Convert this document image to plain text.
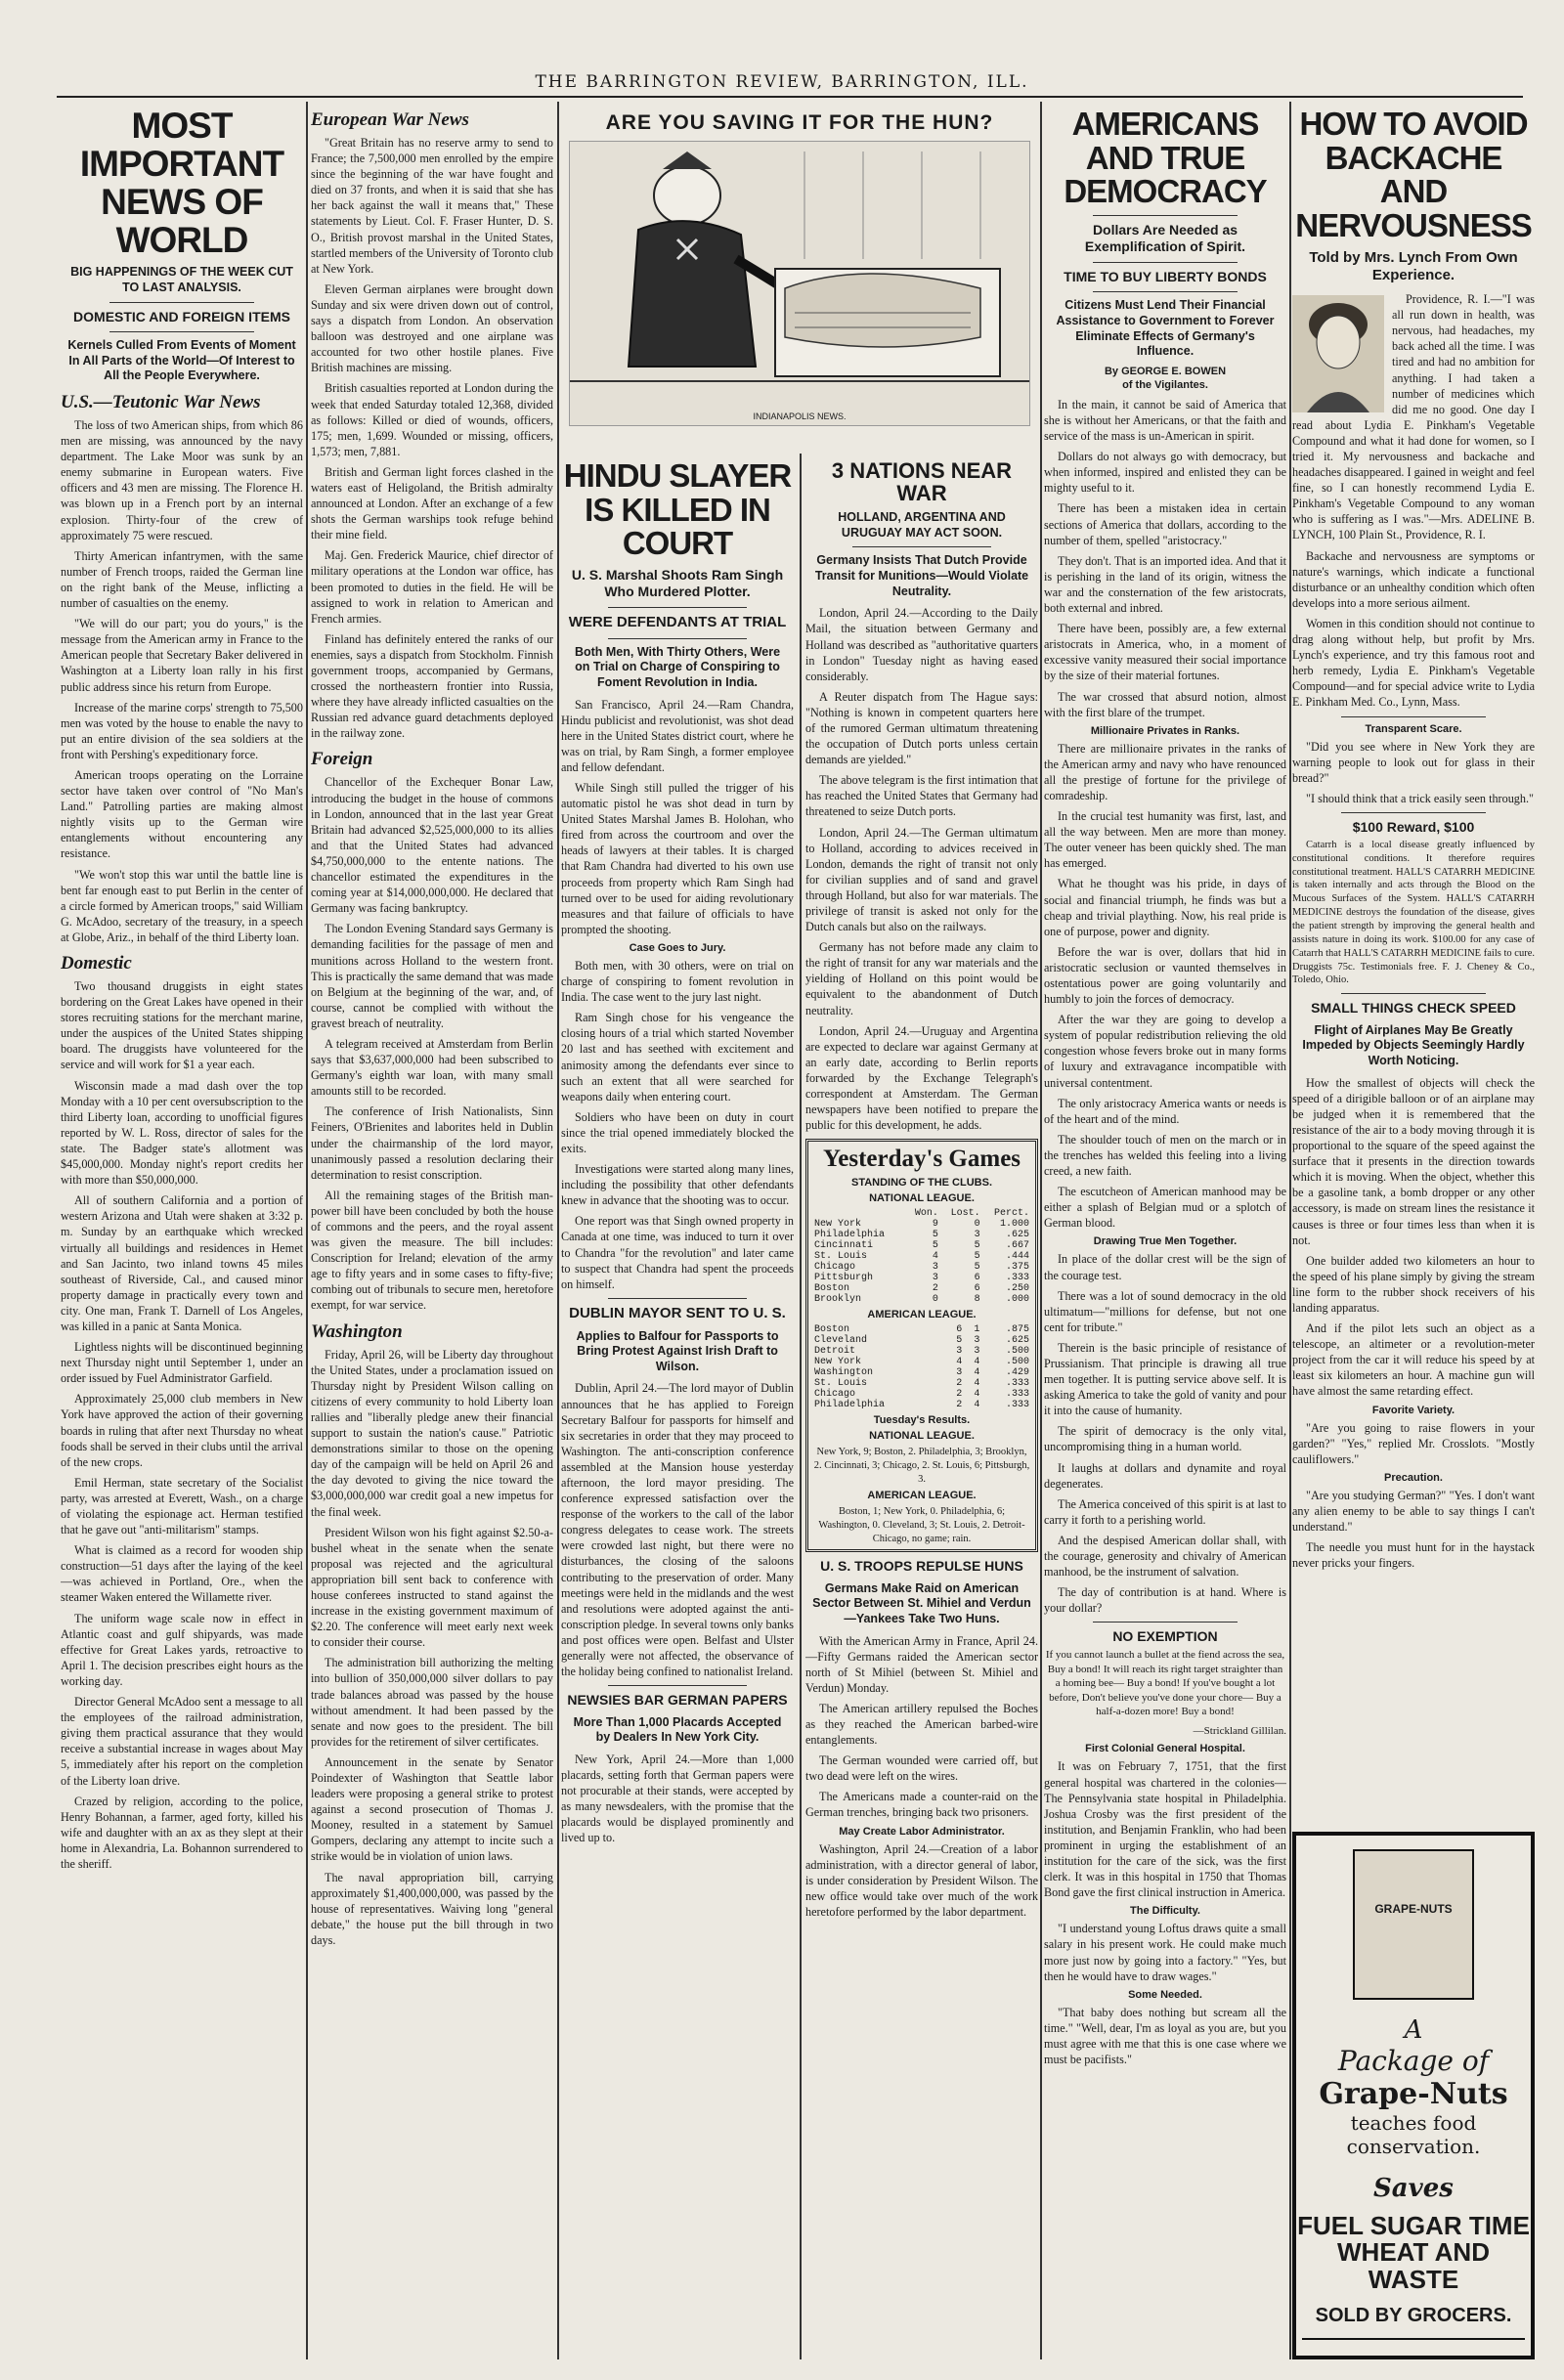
THE BARRINGTON REVIEW, BARRINGTON, ILL.
MOST IMPORTANT NEWS OF WORLD
BIG HAPPENINGS OF THE WEEK CUT TO LAST ANALYSIS.
DOMESTIC AND FOREIGN ITEMS
Kernels Culled From Events of Moment In All Parts of the World—Of Interest to All the People Everywhere.
U.S.—Teutonic War News

The loss of two American ships, from which 86 men are missing, was announced by the navy department. The Lake Moor was sunk by an enemy submarine in European waters. Five officers and 43 men are missing. The Florence H. was blown up in a French port by an internal explosion. Thirty-four of the crew of approximately 75 were rescued.

Thirty American infantrymen, with the same number of French troops, raided the German line on the right bank of the Meuse, inflicting a number of casualties on the enemy.

"We will do our part; you do yours," is the message from the American army in France to the American people that Secretary Baker delivered in Washington at a Liberty loan rally in his first public address since his return from Europe.

Increase of the marine corps' strength to 75,500 men was voted by the house to enable the navy to put an entire division of the sea soldiers at the front with Pershing's expeditionary force.

American troops operating on the Lorraine sector have taken over control of "No Man's Land." Patrolling parties are making almost nightly visits up to the German wire entanglements without encountering any resistance.

"We won't stop this war until the battle line is bent far enough east to put Berlin in the center of a circle formed by American troops," said William G. McAdoo, secretary of the treasury, in a speech at Globe, Ariz., in behalf of the third Liberty loan.

Domestic

Two thousand druggists in eight states bordering on the Great Lakes have opened in their stores recruiting stations for the merchant marine, under the auspices of the United States shipping board. The druggists have volunteered for the service and will work for $1 a year each.

Wisconsin made a mad dash over the top Monday with a 10 per cent oversubscription to the third Liberty loan, according to unofficial figures reported by W. L. Ross, director of sales for the state. The Badger state's allotment was $45,000,000. Monday night's report credits her with more than $50,000,000.

All of southern California and a portion of western Arizona and Utah were shaken at 3:32 p. m. Sunday by an earthquake which wrecked virtually all buildings and residences in Hemet and San Jacinto, two inland towns 45 miles southeast of Riverside, Cal., and caused minor property damage in practically every town and city. One man, Frank T. Darnell of Los Angeles, was killed in a panic at Santa Monica.

Lightless nights will be discontinued beginning next Thursday night until September 1, under an order issued by Fuel Administrator Garfield.

Approximately 25,000 club members in New York have approved the action of their governing boards in ruling that after next Thursday no wheat foods shall be served in their clubs until the arrival of the new crops.

Emil Herman, state secretary of the Socialist party, was arrested at Everett, Wash., on a charge of violating the espionage act. Herman testified that he gave out "anti-militarism" stamps.

What is claimed as a record for wooden ship construction—51 days after the laying of the keel—was achieved in Portland, Ore., when the steamer Waken entered the Willamette river.

The uniform wage scale now in effect in Atlantic coast and gulf shipyards, was made effective for Great Lakes yards, retroactive to April 1. The decision prescribes eight hours as the working day.

Director General McAdoo sent a message to all the employees of the railroad administration, giving them practical assurance that they would receive a substantial increase in wages about May 5, immediately after his report on the completion of the Liberty loan drive.

Crazed by religion, according to the police, Henry Bohannan, a farmer, aged forty, killed his wife and daughter with an ax as they slept at their home in Alexandria, La. Bohannon surrendered to the sheriff.

European War News

"Great Britain has no reserve army to send to France; the 7,500,000 men enrolled by the empire since the beginning of the war have fought and died on 37 fronts, and when it is said that she has her back against the wall it means that," These statements by Lieut. Col. F. Fraser Hunter, D. S. O., British provost marshal in the United States, startled members of the University of Toronto club at New York.

Eleven German airplanes were brought down Sunday and six were driven down out of control, says a dispatch from London. An observation balloon was destroyed and one airplane was accounted for two other hostile planes. Five British machines are missing.

British casualties reported at London during the week that ended Saturday totaled 12,368, divided as follows: Killed or died of wounds, officers, 175; men, 1,699. Wounded or missing, officers, 1,573; men, 7,881.

British and German light forces clashed in the waters east of Heligoland, the British admiralty announced at London. After an exchange of a few shots the German warships took refuge behind their mine field.

Maj. Gen. Frederick Maurice, chief director of military operations at the London war office, has been promoted to duties in the field. He will be assigned to work in relation to American and French armies.

Finland has definitely entered the ranks of our enemies, says a dispatch from Stockholm. Finnish government troops, accompanied by Germans, crossed the northeastern frontier into Russia, where they have already inflicted casualties on the Russian red advance guard detachments deployed in the railway zone.

Foreign

Chancellor of the Exchequer Bonar Law, introducing the budget in the house of commons in London, announced that in the last year Great Britain had advanced $2,525,000,000 to its allies and that the United States had advanced $4,750,000,000 to the entente nations. The chancellor estimated the expenditures in the coming year at $14,000,000,000. He declared that Germany was facing bankruptcy.

The London Evening Standard says Germany is demanding facilities for the passage of men and munitions across Holland to the western front. This is practically the same demand that was made on Belgium at the beginning of the war, and, of course, cannot be complied with without the gravest breach of neutrality.

A telegram received at Amsterdam from Berlin says that $3,637,000,000 had been subscribed to Germany's eighth war loan, with many small amounts still to be recorded.

The conference of Irish Nationalists, Sinn Feiners, O'Brienites and laborites held in Dublin under the chairmanship of the lord mayor, unanimously passed a resolution declaring their determination to resist conscription.

All the remaining stages of the British man-power bill have been concluded by both the house of commons and the peers, and the royal assent was given the measure. The bill includes: Conscription for Ireland; elevation of the army age to fifty years and in some cases to fifty-five; combing out of tribunals to secure men, heretofore exempt, for war service.

Washington

Friday, April 26, will be Liberty day throughout the United States, under a proclamation issued on Thursday night by President Wilson calling on citizens of every community to hold Liberty loan rallies and "liberally pledge anew their financial support to sustain the nation's cause." Patriotic demonstrations similar to those on the opening day of the campaign will be held on April 26 and the day devoted to giving the nice toward the $3,000,000,000 war credit goal a new impetus for the final week.

President Wilson won his fight against $2.50-a-bushel wheat in the senate when the senate proposal was rejected and the agricultural appropriation bill sent back to conference with house conferees instructed to stand against the increase in the existing government maximum of $2.20. The conference will meet early next week to consider their course.

The administration bill authorizing the melting into bullion of 350,000,000 silver dollars to pay trade balances abroad was passed by the house without amendment. It had been passed by the senate and now goes to the president. The bill provides for the retirement of silver certificates.

Announcement in the senate by Senator Poindexter of Washington that Seattle labor leaders were proposing a general strike to protest against a second prosecution of Thomas J. Mooney, resulted in a statement by Samuel Gompers, declaring any attempt to incite such a strike would be in violation of union laws.

The naval appropriation bill, carrying approximately $1,400,000,000, was passed by the house of representatives. Waiving long "general debate," the house put the bill through in two days.

ARE YOU SAVING IT FOR THE HUN?
INDIANAPOLIS NEWS.
HINDU SLAYER IS KILLED IN COURT
U. S. Marshal Shoots Ram Singh Who Murdered Plotter.
WERE DEFENDANTS AT TRIAL
Both Men, With Thirty Others, Were on Trial on Charge of Conspiring to Foment Revolution in India.

San Francisco, April 24.—Ram Chandra, Hindu publicist and revolutionist, was shot dead here in the United States district court, where he was on trial, by Ram Singh, a former employee and fellow defendant.

While Singh still pulled the trigger of his automatic pistol he was shot dead in turn by United States Marshal James B. Holohan, who fired from across the courtroom and over the heads of lawyers at their tables. It is charged that Ram Chandra had diverted to his own use proceeds from property which Ram Singh had turned over to be used for aiding revolutionary measures and that failure of officials to have prompted the shooting.

Case Goes to Jury.

Both men, with 30 others, were on trial on charge of conspiring to foment revolution in India. The case went to the jury last night.

Ram Singh chose for his vengeance the closing hours of a trial which started November 20 last and has seethed with excitement and animosity among the defendants ever since to such an extent that all were searched for weapons daily when entering court.

Soldiers who have been on duty in court since the trial opened immediately blocked the exits.

Investigations were started along many lines, including the possibility that other defendants knew in advance that the shooting was to occur.

One report was that Singh owned property in Canada at one time, was induced to turn it over to Chandra "for the revolution" and later came to suspect that Chandra had spent the proceeds on himself.

DUBLIN MAYOR SENT TO U. S.
Applies to Balfour for Passports to Bring Protest Against Irish Draft to Wilson.

Dublin, April 24.—The lord mayor of Dublin announces that he has applied to Foreign Secretary Balfour for passports for himself and six secretaries in order that they may proceed to Washington. The anti-conscription conference assembled at the Mansion house yesterday afternoon, the lord mayor presiding. The conference expressed satisfaction over the response of the workers to the call of the labor congress delegates to cease work. The streets were crowded last night, but there were no disturbances, the closing of the saloons contributing to the preservation of order. Many meetings were held in the midlands and the west and resolutions were adopted against the anti-conscription pledge. In several towns only banks and post offices were open. Belfast and Ulster generally were not affected, the observance of the holiday being confined to nationalist Ireland.

NEWSIES BAR GERMAN PAPERS
More Than 1,000 Placards Accepted by Dealers In New York City.

New York, April 24.—More than 1,000 placards, setting forth that German papers were not procurable at their stands, were accepted by as many newsdealers, with the promise that the placards would be displayed prominently and lived up to.

3 NATIONS NEAR WAR
HOLLAND, ARGENTINA AND URUGUAY MAY ACT SOON.
Germany Insists That Dutch Provide Transit for Munitions—Would Violate Neutrality.

London, April 24.—According to the Daily Mail, the situation between Germany and Holland was described as "authoritative quarters in London" Tuesday night as having eased considerably.

A Reuter dispatch from The Hague says: "Nothing is known in competent quarters here of the rumored German ultimatum threatening the occupation of Dutch ports unless certain demands are yielded."

The above telegram is the first intimation that has reached the United States that Germany had threatened to seize Dutch ports.

London, April 24.—The German ultimatum to Holland, according to advices received in London, demands the right of transit not only for civilian supplies and of sand and gravel through Holland, but also for war materials. The privilege of transit is asked not only for the Dutch canals but also on the railways.

Germany has not before made any claim to the right of transit for any war materials and the yielding of Holland on this point would be equivalent to the abandonment of Dutch neutrality.

London, April 24.—Uruguay and Argentina are expected to declare war against Germany at an early date, according to Berlin reports forwarded by the Exchange Telegraph's correspondent at Amsterdam. The German newspapers have been notified to prepare the public for this development, he adds.

Yesterday's Games
STANDING OF THE CLUBS.
NATIONAL LEAGUE.
	Won.	Lost.	Perct.
New York	9	0	1.000
Philadelphia	5	3	.625
Cincinnati	5	5	.667
St. Louis	4	5	.444
Chicago	3	5	.375
Pittsburgh	3	6	.333
Boston	2	6	.250
Brooklyn	0	8	.000
AMERICAN LEAGUE.
Boston	6	1	.875
Cleveland	5	3	.625
Detroit	3	3	.500
New York	4	4	.500
Washington	3	4	.429
St. Louis	2	4	.333
Chicago	2	4	.333
Philadelphia	2	4	.333
Tuesday's Results.
NATIONAL LEAGUE.
New York, 9; Boston, 2. Philadelphia, 3; Brooklyn, 2. Cincinnati, 3; Chicago, 2. St. Louis, 6; Pittsburgh, 3.
AMERICAN LEAGUE.
Boston, 1; New York, 0. Philadelphia, 6; Washington, 0. Cleveland, 3; St. Louis, 2. Detroit-Chicago, no game; rain.
U. S. TROOPS REPULSE HUNS
Germans Make Raid on American Sector Between St. Mihiel and Verdun—Yankees Take Two Huns.

With the American Army in France, April 24.—Fifty Germans raided the American sector north of St Mihiel (between St. Mihiel and Verdun) Monday.

The American artillery repulsed the Boches as they reached the American barbed-wire entanglements.

The German wounded were carried off, but two dead were left on the wires.

The Americans made a counter-raid on the German trenches, bringing back two prisoners.

May Create Labor Administrator.

Washington, April 24.—Creation of a labor administration, with a director general of labor, is under consideration by President Wilson. The new office would take over much of the work heretofore performed by the labor department.

AMERICANS AND TRUE DEMOCRACY
Dollars Are Needed as Exemplification of Spirit.
TIME TO BUY LIBERTY BONDS
Citizens Must Lend Their Financial Assistance to Government to Forever Eliminate Effects of Germany's Influence.
By GEORGE E. BOWEN
of the Vigilantes.

In the main, it cannot be said of America that she is without her Americans, or that the faith and service of the mass is un-American in spirit.

Dollars do not always go with democracy, but when informed, inspired and enlisted they can be mighty useful to it.

There has been a mistaken idea in certain sections of America that dollars, according to the number of them, spelled "aristocracy."

They don't. That is an imported idea. And that it is perishing in the land of its origin, witness the war and the consternation of the few aristocrats, both external and inbred.

There have been, possibly are, a few external aristocrats in America, who, in a moment of excessive vanity measured their social importance by the size of their material fortunes.

The war crossed that absurd notion, almost with the first blare of the trumpet.

Millionaire Privates in Ranks.

There are millionaire privates in the ranks of the American army and navy who have renounced all the prestige of fortune for the privilege of comradeship.

In the crucial test humanity was first, last, and all the way between. Men are more than money. The outer veneer has been quickly shed. The man has emerged.

What he thought was his pride, in days of social and financial triumph, he finds was but a cheap and trivial plaything. Now, his real pride is one of purpose, power and dignity.

Before the war is over, dollars that hid in aristocratic seclusion or vaunted themselves in ostentatious power are going voluntarily and humbly to join the forces of democracy.

After the war they are going to develop a system of popular redistribution relieving the old congestion whose fevers broke out in many forms of luxury and extravagance incompatible with universal contentment.

The only aristocracy America wants or needs is of the heart and of the mind.

The shoulder touch of men on the march or in the trenches has welded this feeling into a living creed, a new faith.

The escutcheon of American manhood may be either a splash of Belgian mud or a splotch of German blood.

Drawing True Men Together.

In place of the dollar crest will be the sign of the courage test.

There was a lot of sound democracy in the old ultimatum—"millions for defense, but not one cent for tribute."

Therein is the basic principle of resistance of Prussianism. That principle is drawing all true men together. It is putting service above self. It is asking America to take the gold of vanity and pour it into the cause of humanity.

The spirit of democracy is the only vital, uncompromising thing in a human world.

It laughs at dollars and dynamite and royal degenerates.

The America conceived of this spirit is at last to carry it forth to a perishing world.

And the despised American dollar shall, with the courage, generosity and chivalry of American manhood, be the instrument of salvation.

The day of contribution is at hand. Where is your dollar?

NO EXEMPTION

If you cannot launch a bullet at the fiend across the sea, Buy a bond! It will reach its right target straighter than a homing bee— Buy a bond! If you've bought a lot before, Don't believe you've done your chore— Buy a half-a-dozen more! Buy a bond!

—Strickland Gillilan.

First Colonial General Hospital.

It was on February 7, 1751, that the first general hospital was chartered in the colonies—The Pennsylvania state hospital in Philadelphia. Joshua Crosby was the first president of the institution, and Benjamin Franklin, who had been prominent in urging the establishment of an institution for the care of the sick, was the first clerk. It was in this hospital in 1750 that Thomas Bond gave the first clinical instruction in America.

The Difficulty.

"I understand young Loftus draws quite a small salary in his present work. He could make much more just now by going into a factory." "Yes, but then he would have to draw wages."

Some Needed.

"That baby does nothing but scream all the time." "Well, dear, I'm as loyal as you are, but you must agree with me that this is one case where we must be pacifists."

HOW TO AVOID BACKACHE AND NERVOUSNESS
Told by Mrs. Lynch From Own Experience.

Providence, R. I.—"I was all run down in health, was nervous, had headaches, my back ached all the time. I was tired and had no ambition for anything. I had taken a number of medicines which did me no good. One day I read about Lydia E. Pinkham's Vegetable Compound and what it had done for women, so I tried it. My nervousness and backache and headaches disappeared. I gained in weight and feel fine, so I can honestly recommend Lydia E. Pinkham's Vegetable Compound to any woman who is suffering as I was."—Mrs. ADELINE B. LYNCH, 100 Plain St., Providence, R. I.

Backache and nervousness are symptoms or nature's warnings, which indicate a functional disturbance or an unhealthy condition which often develops into a more serious ailment.

Women in this condition should not continue to drag along without help, but profit by Mrs. Lynch's experience, and try this famous root and herb remedy, Lydia E. Pinkham's Vegetable Compound—and for special advice write to Lydia E. Pinkham Med. Co., Lynn, Mass.

Transparent Scare.

"Did you see where in New York they are warning people to look out for glass in their bread?"

"I should think that a trick easily seen through."

$100 Reward, $100

Catarrh is a local disease greatly influenced by constitutional conditions. It therefore requires constitutional treatment. HALL'S CATARRH MEDICINE is taken internally and acts through the Blood on the Mucous Surfaces of the System. HALL'S CATARRH MEDICINE destroys the foundation of the disease, gives the patient strength by improving the general health and assists nature in doing its work. $100.00 for any case of Catarrh that HALL'S CATARRH MEDICINE fails to cure. Druggists 75c. Testimonials free. F. J. Cheney & Co., Toledo, Ohio.

SMALL THINGS CHECK SPEED
Flight of Airplanes May Be Greatly Impeded by Objects Seemingly Hardly Worth Noticing.

How the smallest of objects will check the speed of a dirigible balloon or of an airplane may be judged when it is remembered that the resistance of the air to a body moving through it is proportional to the square of the speed against the surface that it presents in the direction towards which it is moving. When the object, whether this be a gasoline tank, a bomb dropper or any other accessory, is made on stream lines the resistance it causes is three or four times less than when it is not.

One builder added two kilometers an hour to the speed of his plane simply by giving the stream line form to the rubber shock receivers of his landing apparatus.

And if the pilot lets such an object as a telescope, an altimeter or a revolution-meter project from the car it will reduce his speed by at least six kilometers an hour. A machine gun will have almost the same retarding effect.

Favorite Variety.

"Are you going to raise flowers in your garden?" "Yes," replied Mr. Crosslots. "Mostly cauliflowers."

Precaution.

"Are you studying German?" "Yes. I don't want any alien enemy to be able to say things I can't understand."

The needle you must hunt for in the haystack never pricks your fingers.

GRAPE-NUTS
A
Package of
Grape-Nuts
teaches food conservation.
Saves
FUEL SUGAR TIME WHEAT AND WASTE
SOLD BY GROCERS.
